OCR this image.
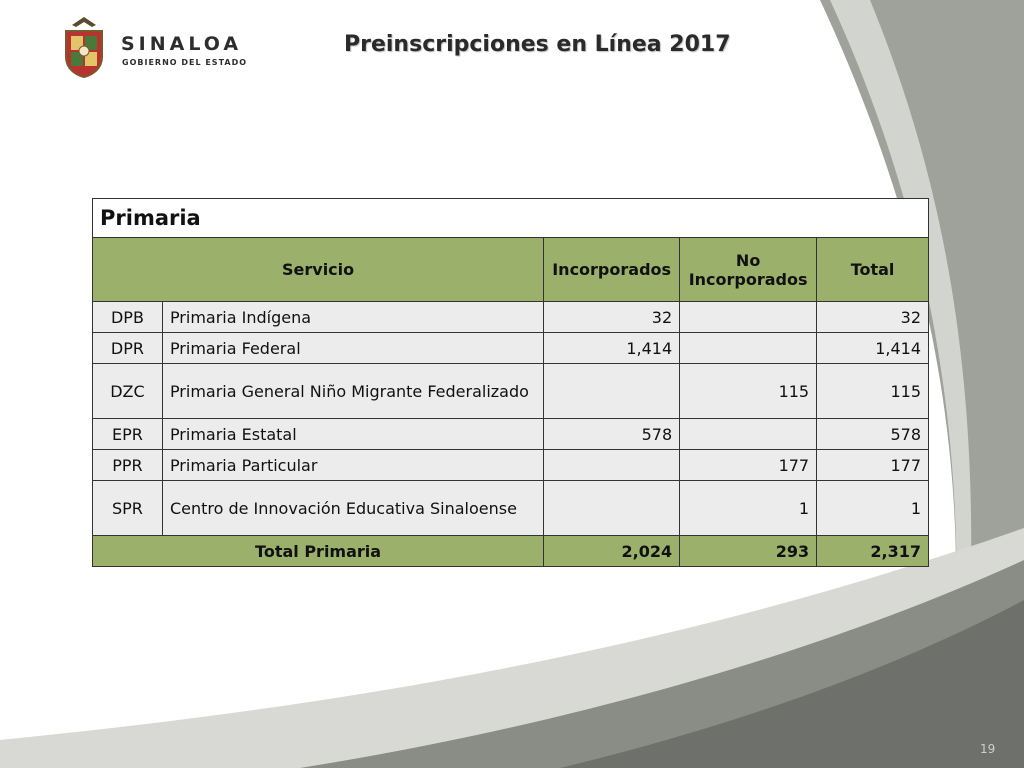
SINALOA
GOBIERNO DEL ESTADO
Preinscripciones en Línea 2017
Primaria				
Servicio		Incorporados	No Incorporados	Total
DPB	Primaria Indígena	32		32
DPR	Primaria Federal	1,414		1,414
DZC	Primaria General Niño Migrante Federalizado		115	115
EPR	Primaria Estatal	578		578
PPR	Primaria Particular		177	177
SPR	Centro de Innovación Educativa Sinaloense		1	1
Total Primaria		2,024	293	2,317
19
